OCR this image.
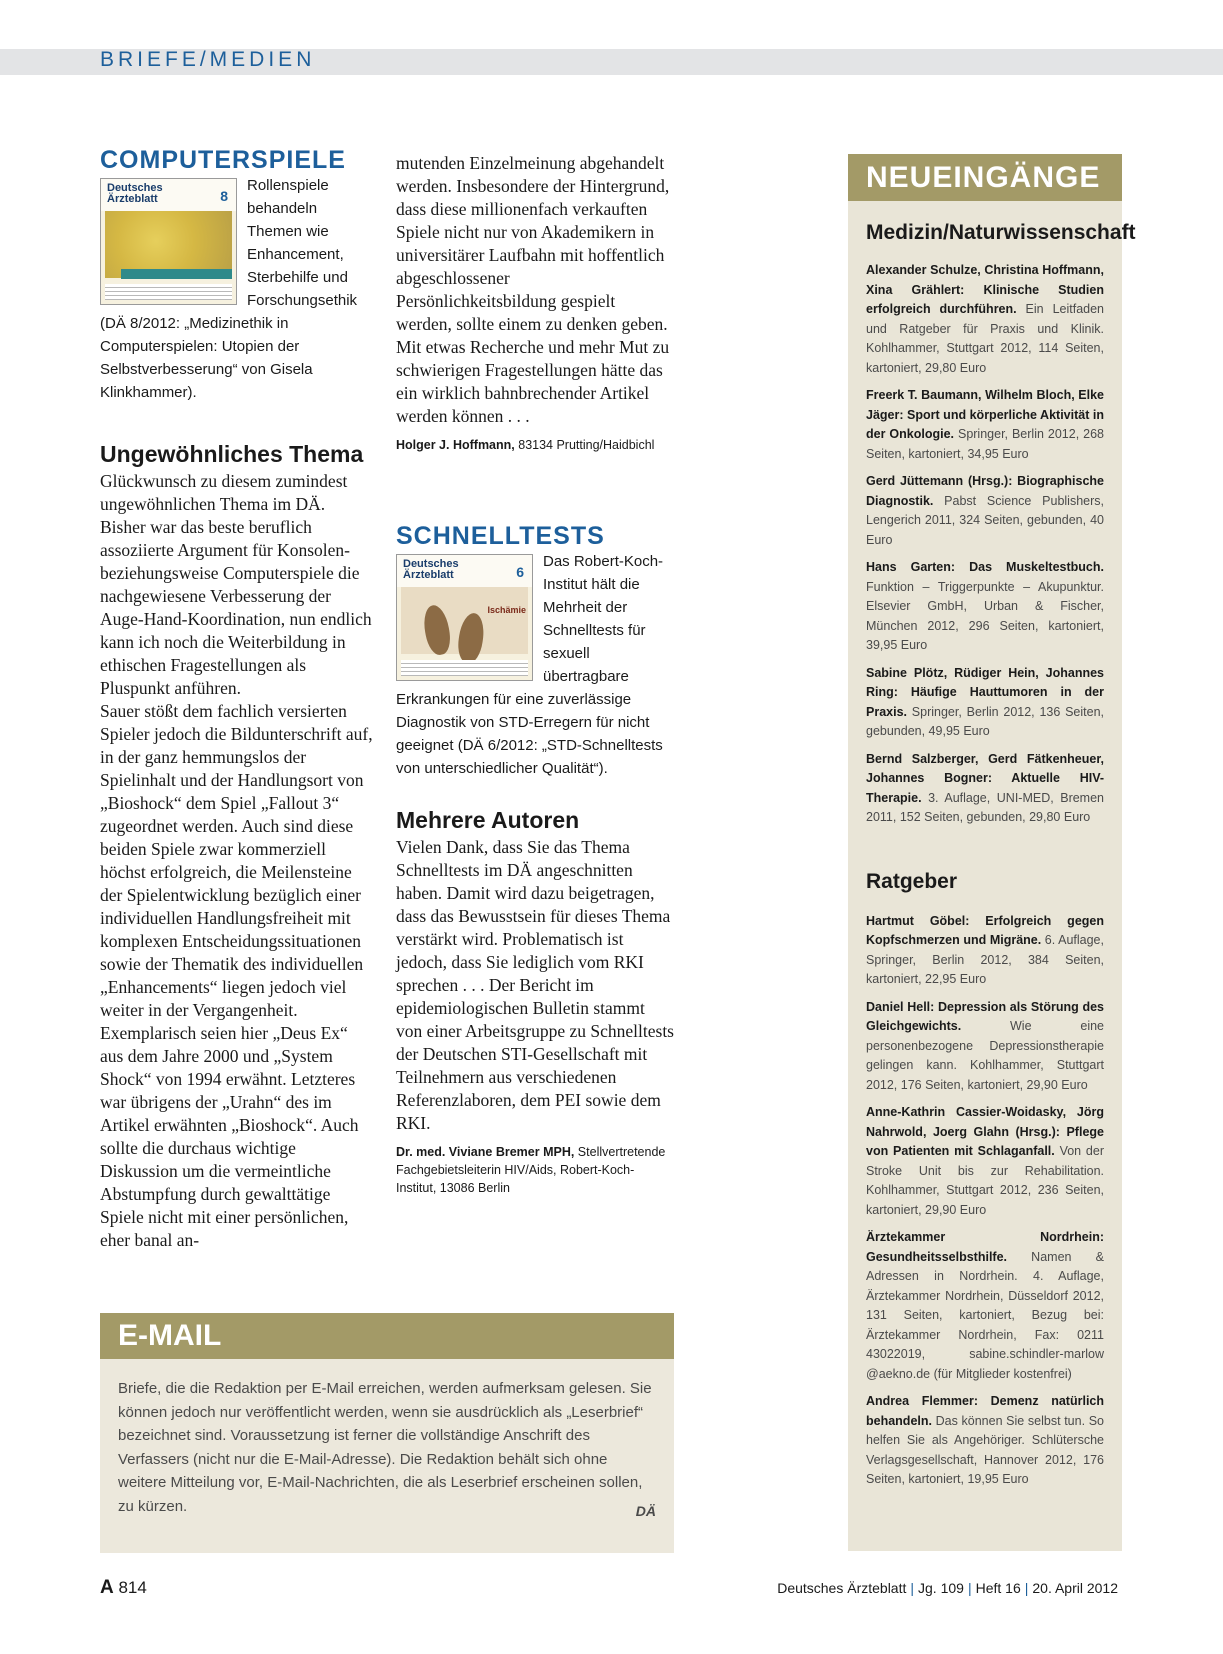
BRIEFE/MEDIEN
COMPUTERSPIELE
Deutsches Ärzteblatt	8
Rollenspiele behandeln Themen wie Enhancement, Sterbehilfe und Forschungsethik (DÄ 8/2012: „Medizinethik in Computerspielen: Utopien der Selbstverbesserung“ von Gisela Klinkhammer).
Ungewöhnliches Thema
Glückwunsch zu diesem zumindest ungewöhnlichen Thema im DÄ. Bisher war das beste beruflich assoziierte Argument für Konsolen- beziehungsweise Computerspiele die nachgewiesene Verbesserung der Auge-Hand-Koordination, nun endlich kann ich noch die Weiterbildung in ethischen Fragestellungen als Pluspunkt anführen.
Sauer stößt dem fachlich versierten Spieler jedoch die Bildunterschrift auf, in der ganz hemmungslos der Spielinhalt und der Handlungsort von „Bioshock“ dem Spiel „Fallout 3“ zugeordnet werden. Auch sind diese beiden Spiele zwar kommerziell höchst erfolgreich, die Meilensteine der Spielentwicklung bezüglich einer individuellen Handlungsfreiheit mit komplexen Entscheidungssituationen sowie der Thematik des individuellen „Enhancements“ liegen jedoch viel weiter in der Vergangenheit. Exemplarisch seien hier „Deus Ex“ aus dem Jahre 2000 und „System Shock“ von 1994 erwähnt. Letzteres war übrigens der „Urahn“ des im Artikel erwähnten „Bioshock“. Auch sollte die durchaus wichtige Diskussion um die vermeintliche Abstumpfung durch gewalttätige Spiele nicht mit einer persönlichen, eher banal an-
mutenden Einzelmeinung abgehandelt werden. Insbesondere der Hintergrund, dass diese millionenfach verkauften Spiele nicht nur von Akademikern in universitärer Laufbahn mit hoffentlich abgeschlossener Persönlichkeitsbildung gespielt werden, sollte einem zu denken geben.
Mit etwas Recherche und mehr Mut zu schwierigen Fragestellungen hätte das ein wirklich bahnbrechender Artikel werden können . . .
Holger J. Hoffmann, 83134 Prutting/Haidbichl
SCHNELLTESTS
Deutsches Ärzteblatt	6
Ischämie
Das Robert-Koch-Institut hält die Mehrheit der Schnelltests für sexuell übertragbare Erkrankungen für eine zuverlässige Diagnostik von STD-Erregern für nicht geeignet (DÄ 6/2012: „STD-Schnelltests von unterschiedlicher Qualität“).
Mehrere Autoren
Vielen Dank, dass Sie das Thema Schnelltests im DÄ angeschnitten haben. Damit wird dazu beigetragen, dass das Bewusstsein für dieses Thema verstärkt wird. Problematisch ist jedoch, dass Sie lediglich vom RKI sprechen . . . Der Bericht im epidemiologischen Bulletin stammt von einer Arbeitsgruppe zu Schnelltests der Deutschen STI-Gesellschaft mit Teilnehmern aus verschiedenen Referenzlaboren, dem PEI sowie dem RKI.
Dr. med. Viviane Bremer MPH, Stellvertretende Fachgebietsleiterin HIV/Aids, Robert-Koch-Institut, 13086 Berlin
NEUEINGÄNGE
Medizin/Naturwissenschaft
Alexander Schulze, Christina Hoffmann, Xina Grählert: Klinische Studien erfolgreich durchführen. Ein Leitfaden und Ratgeber für Praxis und Klinik. Kohlhammer, Stuttgart 2012, 114 Seiten, kartoniert, 29,80 Euro
Freerk T. Baumann, Wilhelm Bloch, Elke Jäger: Sport und körperliche Aktivität in der Onkologie. Springer, Berlin 2012, 268 Seiten, kartoniert, 34,95 Euro
Gerd Jüttemann (Hrsg.): Biographische Diagnostik. Pabst Science Publishers, Lengerich 2011, 324 Seiten, gebunden, 40 Euro
Hans Garten: Das Muskeltestbuch. Funktion – Triggerpunkte – Akupunktur. Elsevier GmbH, Urban & Fischer, München 2012, 296 Seiten, kartoniert, 39,95 Euro
Sabine Plötz, Rüdiger Hein, Johannes Ring: Häufige Hauttumoren in der Praxis. Springer, Berlin 2012, 136 Seiten, gebunden, 49,95 Euro
Bernd Salzberger, Gerd Fätkenheuer, Johannes Bogner: Aktuelle HIV-Therapie. 3. Auflage, UNI-MED, Bremen 2011, 152 Seiten, gebunden, 29,80 Euro
Ratgeber
Hartmut Göbel: Erfolgreich gegen Kopfschmerzen und Migräne. 6. Auflage, Springer, Berlin 2012, 384 Seiten, kartoniert, 22,95 Euro
Daniel Hell: Depression als Störung des Gleichgewichts. Wie eine personenbezogene Depressionstherapie gelingen kann. Kohlhammer, Stuttgart 2012, 176 Seiten, kartoniert, 29,90 Euro
Anne-Kathrin Cassier-Woidasky, Jörg Nahrwold, Joerg Glahn (Hrsg.): Pflege von Patienten mit Schlaganfall. Von der Stroke Unit bis zur Rehabilitation. Kohlhammer, Stuttgart 2012, 236 Seiten, kartoniert, 29,90 Euro
Ärztekammer Nordrhein: Gesundheitsselbsthilfe. Namen & Adressen in Nordrhein. 4. Auflage, Ärztekammer Nordrhein, Düsseldorf 2012, 131 Seiten, kartoniert, Bezug bei: Ärztekammer Nordrhein, Fax: 0211 43022019, sabine.schindler-marlow @aekno.de (für Mitglieder kostenfrei)
Andrea Flemmer: Demenz natürlich behandeln. Das können Sie selbst tun. So helfen Sie als Angehöriger. Schlütersche Verlagsgesellschaft, Hannover 2012, 176 Seiten, kartoniert, 19,95 Euro
E-MAIL
Briefe, die die Redaktion per E-Mail erreichen, werden aufmerksam gelesen. Sie können jedoch nur veröffentlicht werden, wenn sie ausdrücklich als „Leserbrief“ bezeichnet sind. Voraussetzung ist ferner die vollständige Anschrift des Verfassers (nicht nur die E-Mail-Adresse). Die Redaktion behält sich ohne weitere Mitteilung vor, E-Mail-Nachrichten, die als Leserbrief erscheinen sollen, zu kürzen.	DÄ
A 814	Deutsches Ärzteblatt | Jg. 109 | Heft 16 | 20. April 2012
